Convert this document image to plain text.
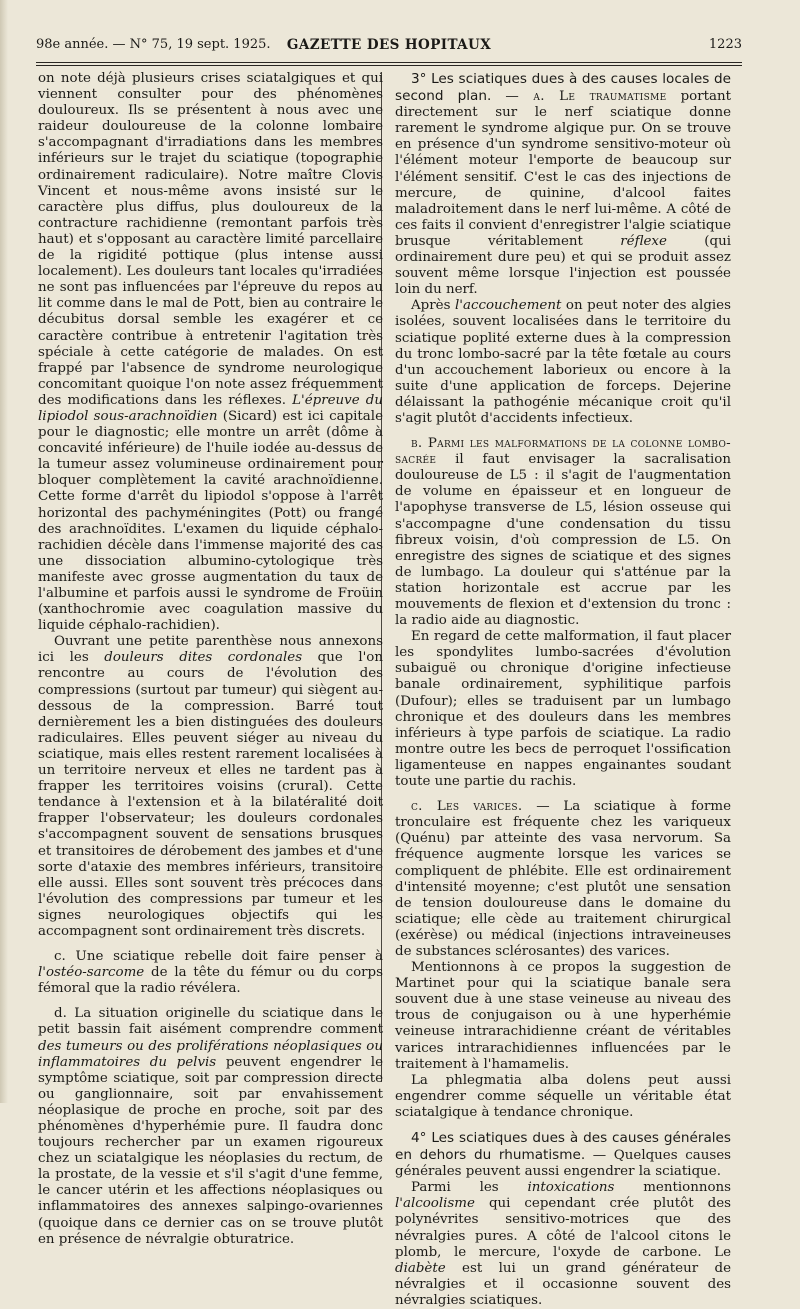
98e année. — N° 75, 19 sept. 1925.	GAZETTE DES HOPITAUX	1223

on note déjà plusieurs crises sciatalgiques et qui viennent consulter pour des phénomènes douloureux. Ils se présentent à nous avec une raideur douloureuse de la colonne lombaire s'accompagnant d'irradiations dans les membres inférieurs sur le trajet du sciatique (topographie ordinairement radiculaire). Notre maître Clovis Vincent et nous-même avons insisté sur le caractère plus diffus, plus douloureux de la contracture rachidienne (remontant parfois très haut) et s'opposant au caractère limité parcellaire de la rigidité pottique (plus intense aussi localement). Les douleurs tant locales qu'irradiées ne sont pas influencées par l'épreuve du repos au lit comme dans le mal de Pott, bien au contraire le décubitus dorsal semble les exagérer et ce caractère contribue à entretenir l'agitation très spéciale à cette catégorie de malades. On est frappé par l'absence de syndrome neurologique concomitant quoique l'on note assez fréquemment des modifications dans les réflexes. L'épreuve du lipiodol sous-arachnoïdien (Sicard) est ici capitale pour le diagnostic; elle montre un arrêt (dôme à concavité inférieure) de l'huile iodée au-dessus de la tumeur assez volumineuse ordinairement pour bloquer complètement la cavité arachnoïdienne. Cette forme d'arrêt du lipiodol s'oppose à l'arrêt horizontal des pachyméningites (Pott) ou frangé des arachnoïdites. L'examen du liquide céphalo-rachidien décèle dans l'immense majorité des cas une dissociation albumino-cytologique très manifeste avec grosse augmentation du taux de l'albumine et parfois aussi le syndrome de Froüin (xanthochromie avec coagulation massive du liquide céphalo-rachidien).

Ouvrant une petite parenthèse nous annexons ici les douleurs dites cordonales que l'on rencontre au cours de l'évolution des compressions (surtout par tumeur) qui siègent au-dessous de la compression. Barré tout dernièrement les a bien distinguées des douleurs radiculaires. Elles peuvent siéger au niveau du sciatique, mais elles restent rarement localisées à un territoire nerveux et elles ne tardent pas à frapper les territoires voisins (crural). Cette tendance à l'extension et à la bilatéralité doit frapper l'observateur; les douleurs cordonales s'accompagnent souvent de sensations brusques et transitoires de dérobement des jambes et d'une sorte d'ataxie des membres inférieurs, transitoire elle aussi. Elles sont souvent très précoces dans l'évolution des compressions par tumeur et les signes neurologiques objectifs qui les accompagnent sont ordinairement très discrets.

c. Une sciatique rebelle doit faire penser à l'ostéo-sarcome de la tête du fémur ou du corps fémoral que la radio révélera.

d. La situation originelle du sciatique dans le petit bassin fait aisément comprendre comment des tumeurs ou des proliférations néoplasiques ou inflammatoires du pelvis peuvent engendrer le symptôme sciatique, soit par compression directe ou ganglionnaire, soit par envahissement néoplasique de proche en proche, soit par des phénomènes d'hyperhémie pure. Il faudra donc toujours rechercher par un examen rigoureux chez un sciatalgique les néoplasies du rectum, de la prostate, de la vessie et s'il s'agit d'une femme, le cancer utérin et les affections néoplasiques ou inflammatoires des annexes salpingo-ovariennes (quoique dans ce dernier cas on se trouve plutôt en présence de névralgie obturatrice.

3° Les sciatiques dues à des causes locales de second plan. — a. Le traumatisme portant directement sur le nerf sciatique donne rarement le syndrome algique pur. On se trouve en présence d'un syndrome sensitivo-moteur où l'élément moteur l'emporte de beaucoup sur l'élément sensitif. C'est le cas des injections de mercure, de quinine, d'alcool faites maladroitement dans le nerf lui-même. A côté de ces faits il convient d'enregistrer l'algie sciatique brusque véritablement	réflexe	(qui ordinairement dure peu) et qui se produit assez souvent même lorsque l'injection est poussée loin du nerf.

Après l'accouchement on peut noter des algies isolées, souvent localisées dans le territoire du sciatique poplité externe dues à la compression du tronc lombo-sacré par la tête fœtale au cours d'un accouchement laborieux ou encore à la suite d'une application de forceps. Dejerine délaissant la pathogénie mécanique croit qu'il s'agit plutôt d'accidents infectieux.

b. Parmi les malformations de la colonne lombo-sacrée il faut envisager la sacralisation douloureuse de L5 : il s'agit de l'augmentation de volume en épaisseur et en longueur de l'apophyse transverse de L5, lésion osseuse qui s'accompagne d'une condensation du tissu fibreux voisin, d'où compression de L5. On enregistre des signes de sciatique et des signes de lumbago. La douleur qui s'atténue par la station horizontale est accrue par les mouvements de flexion et d'extension du tronc : la radio aide au diagnostic.

En regard de cette malformation, il faut placer les spondylites lumbo-sacrées d'évolution subaiguë ou chronique d'origine infectieuse banale ordinairement, syphilitique parfois (Dufour); elles se traduisent par un lumbago chronique et des douleurs dans les membres inférieurs à type parfois de sciatique. La radio montre outre les becs de perroquet l'ossification ligamenteuse en nappes engainantes soudant toute une partie du rachis.

c. Les varices. — La sciatique à forme tronculaire est fréquente chez les variqueux (Quénu) par atteinte des vasa nervorum. Sa fréquence augmente lorsque les varices se compliquent de phlébite. Elle est ordinairement d'intensité moyenne; c'est plutôt une sensation de tension douloureuse dans le domaine du sciatique; elle cède au traitement chirurgical (exérèse) ou médical (injections intraveineuses de substances sclérosantes) des varices.

Mentionnons à ce propos la suggestion de Martinet pour qui la sciatique banale sera souvent due à une stase veineuse au niveau des trous de conjugaison ou à une hyperhémie veineuse intrarachidienne créant de véritables varices intrarachidiennes influencées par le traitement à l'hamamelis.

La phlegmatia alba dolens peut aussi engendrer comme séquelle un véritable état sciatalgique à tendance chronique.

4° Les sciatiques dues à des causes générales en dehors du rhumatisme. — Quelques causes générales peuvent aussi engendrer la sciatique.

Parmi les intoxications mentionnons l'alcoolisme qui cependant crée plutôt des polynévrites sensitivo-motrices que des névralgies pures. A côté de l'alcool citons le plomb, le mercure, l'oxyde de carbone. Le diabète est lui un grand générateur de névralgies et il occasionne souvent des névralgies sciatiques.
